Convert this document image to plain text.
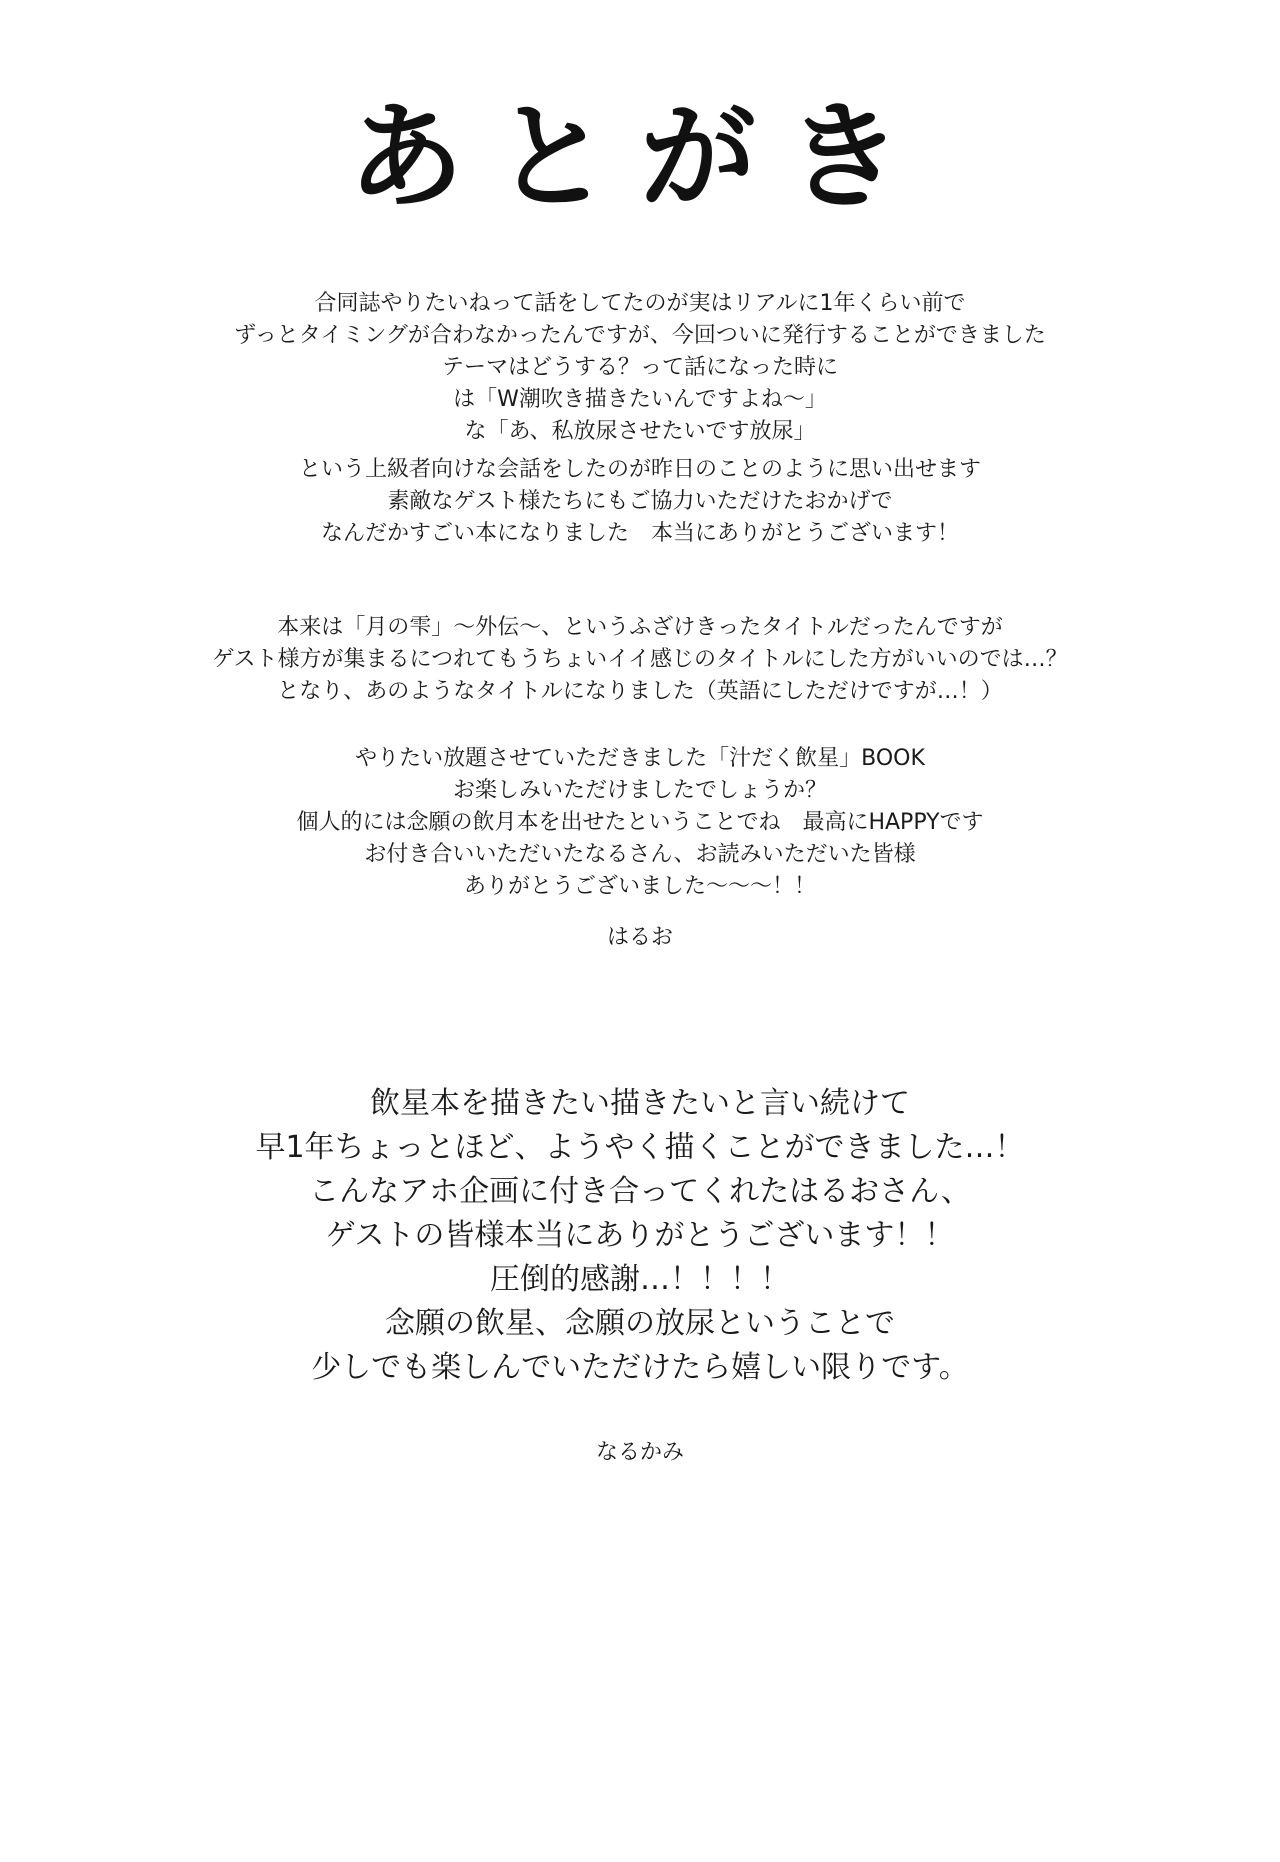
あとがき
合同誌やりたいねって話をしてたのが実はリアルに1年くらい前で
ずっとタイミングが合わなかったんですが、今回ついに発行することができました
テーマはどうする？って話になった時に
は「W潮吹き描きたいんですよね～」
な「あ、私放尿させたいです放尿」
という上級者向けな会話をしたのが昨日のことのように思い出せます
素敵なゲスト様たちにもご協力いただけたおかげで
なんだかすごい本になりました　本当にありがとうございます！
本来は「月の雫」～外伝～、というふざけきったタイトルだったんですが
ゲスト様方が集まるにつれてもうちょいイイ感じのタイトルにした方がいいのでは…？
となり、あのようなタイトルになりました（英語にしただけですが…！）
やりたい放題させていただきました「汁だく飲星」BOOK
お楽しみいただけましたでしょうか？
個人的には念願の飲月本を出せたということでね　最高にHAPPYです
お付き合いいただいたなるさん、お読みいただいた皆様
ありがとうございました～～～！！
はるお
飲星本を描きたい描きたいと言い続けて
早1年ちょっとほど、ようやく描くことができました…！
こんなアホ企画に付き合ってくれたはるおさん、
ゲストの皆様本当にありがとうございます！！
圧倒的感謝…！！！！
念願の飲星、念願の放尿ということで
少しでも楽しんでいただけたら嬉しい限りです。
なるかみ
